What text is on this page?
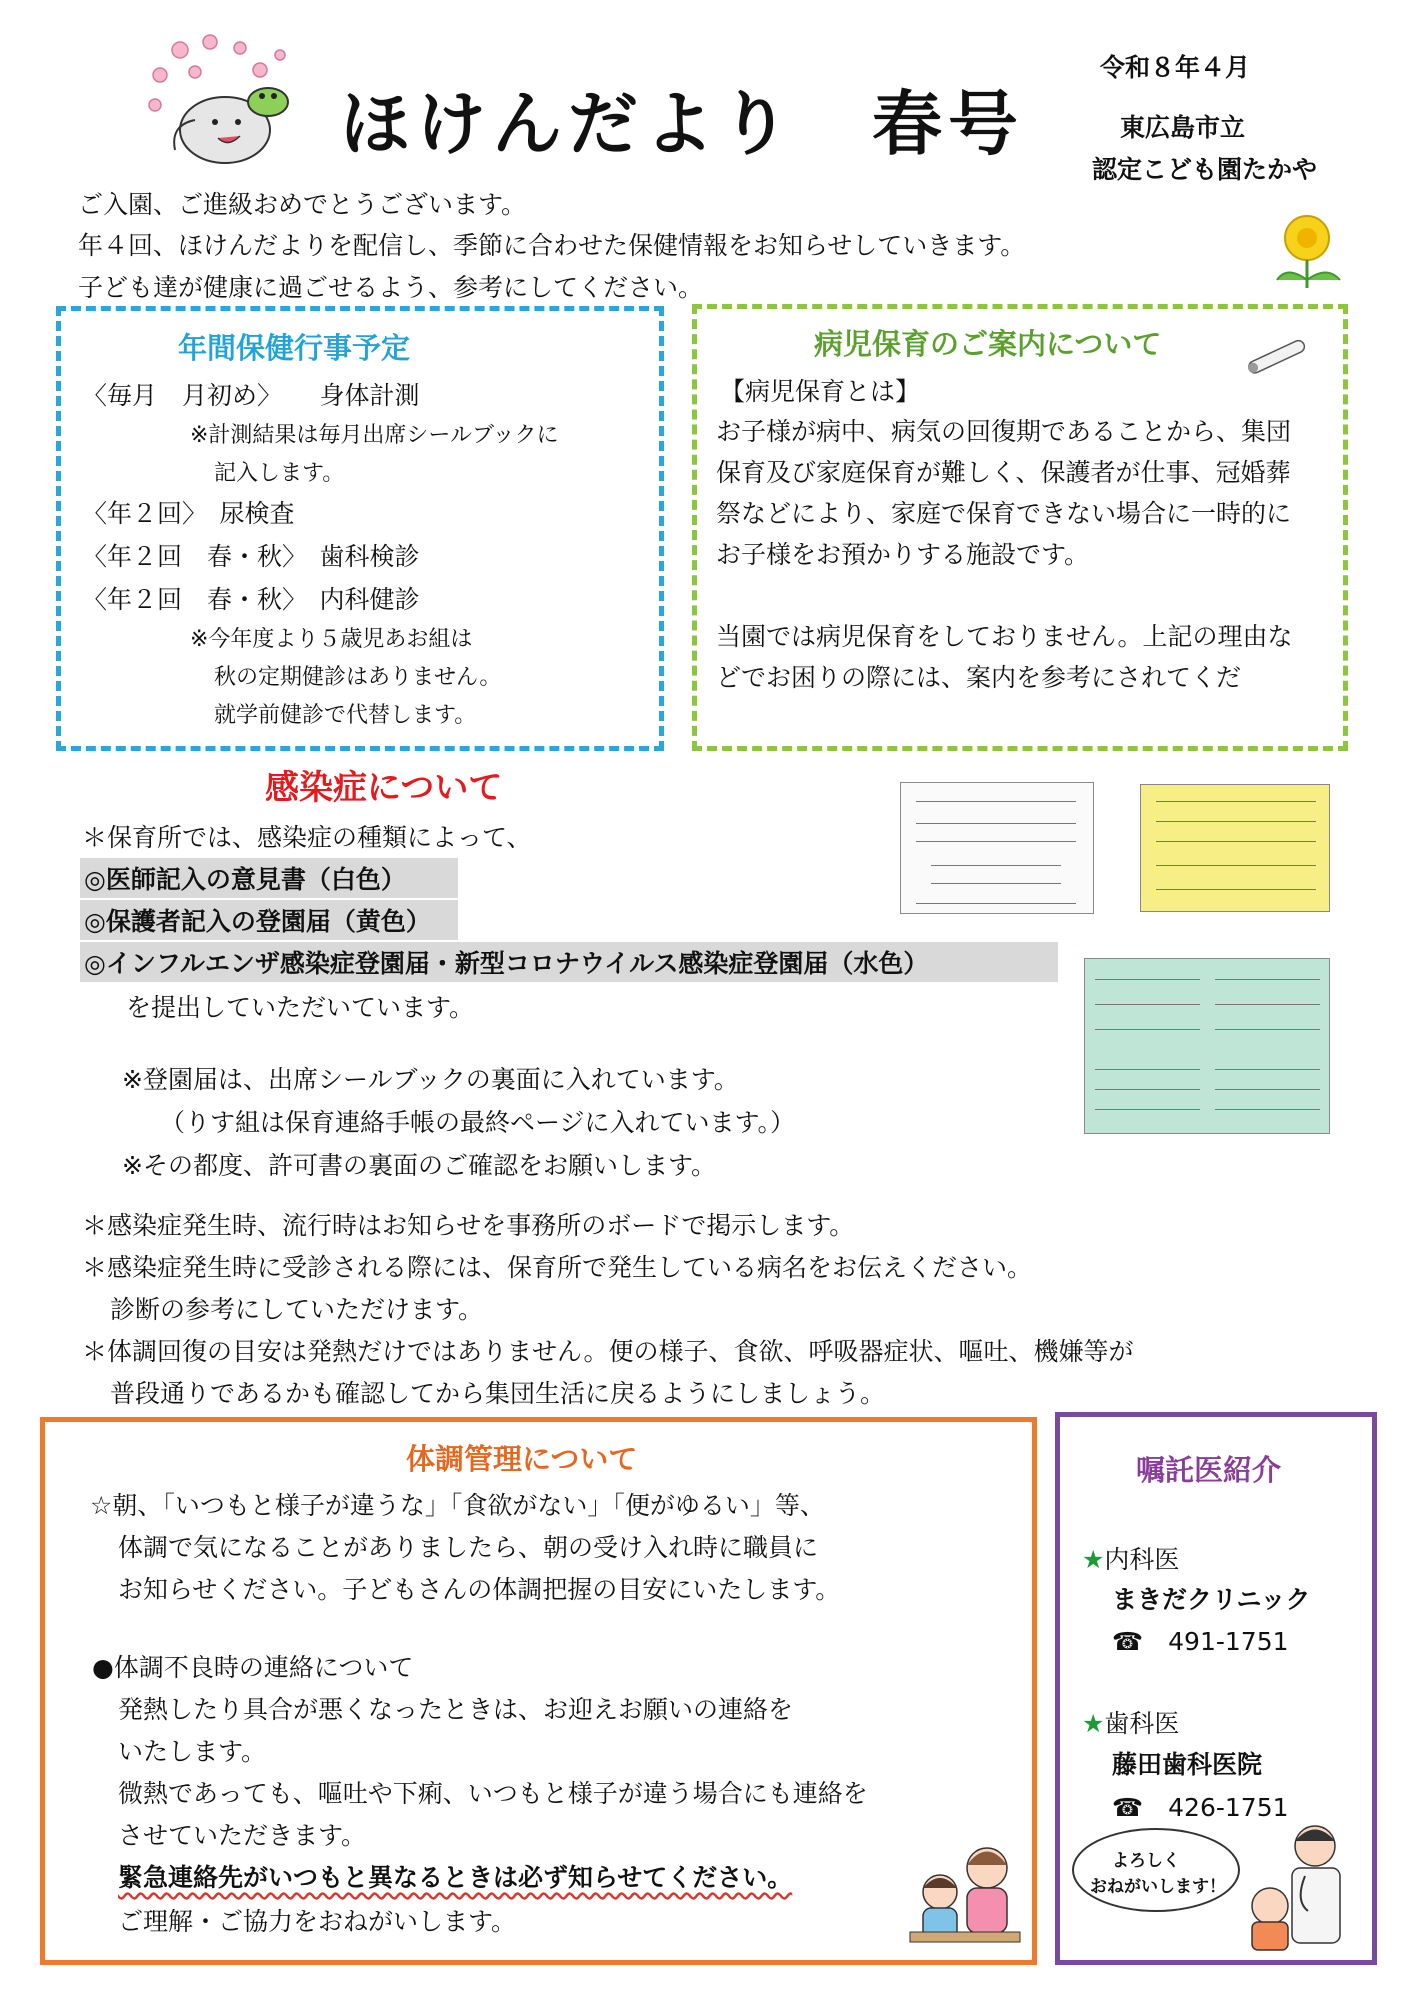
ほけんだより　春号
令和８年４月
東広島市立
認定こども園たかや
ご入園、ご進級おめでとうございます。
年４回、ほけんだよりを配信し、季節に合わせた保健情報をお知らせしていきます。
子ども達が健康に過ごせるよう、参考にしてください。
年間保健行事予定
〈毎月　月初め〉　　身体計測
※計測結果は毎月出席シールブックに
記入します。
〈年２回〉　尿検査
〈年２回　春・秋〉　歯科検診
〈年２回　春・秋〉　内科健診
※今年度より５歳児あお組は
秋の定期健診はありません。
就学前健診で代替します。
病児保育のご案内について
【病児保育とは】
お子様が病中、病気の回復期であることから、集団
保育及び家庭保育が難しく、保護者が仕事、冠婚葬
祭などにより、家庭で保育できない場合に一時的に
お子様をお預かりする施設です。
当園では病児保育をしておりません。上記の理由な
どでお困りの際には、案内を参考にされてくだ
感染症について
＊保育所では、感染症の種類によって、
◎医師記入の意見書（白色）
◎保護者記入の登園届（黄色）
◎インフルエンザ感染症登園届・新型コロナウイルス感染症登園届（水色）
を提出していただいています。
※登園届は、出席シールブックの裏面に入れています。
（りす組は保育連絡手帳の最終ページに入れています。）
※その都度、許可書の裏面のご確認をお願いします。
＊感染症発生時、流行時はお知らせを事務所のボードで掲示します。
＊感染症発生時に受診される際には、保育所で発生している病名をお伝えください。
診断の参考にしていただけます。
＊体調回復の目安は発熱だけではありません。便の様子、食欲、呼吸器症状、嘔吐、機嫌等が
普段通りであるかも確認してから集団生活に戻るようにしましょう。
体調管理について
☆朝、「いつもと様子が違うな」「食欲がない」「便がゆるい」等、
体調で気になることがありましたら、朝の受け入れ時に職員に
お知らせください。子どもさんの体調把握の目安にいたします。
●体調不良時の連絡について
発熱したり具合が悪くなったときは、お迎えお願いの連絡を
いたします。
微熱であっても、嘔吐や下痢、いつもと様子が違う場合にも連絡を
させていただきます。
緊急連絡先がいつもと異なるときは必ず知らせてください。
ご理解・ご協力をおねがいします。
嘱託医紹介
★内科医
まきだクリニック
☎　 491-1751
★歯科医
藤田歯科医院
☎　 426-1751
よろしく
おねがいします！
